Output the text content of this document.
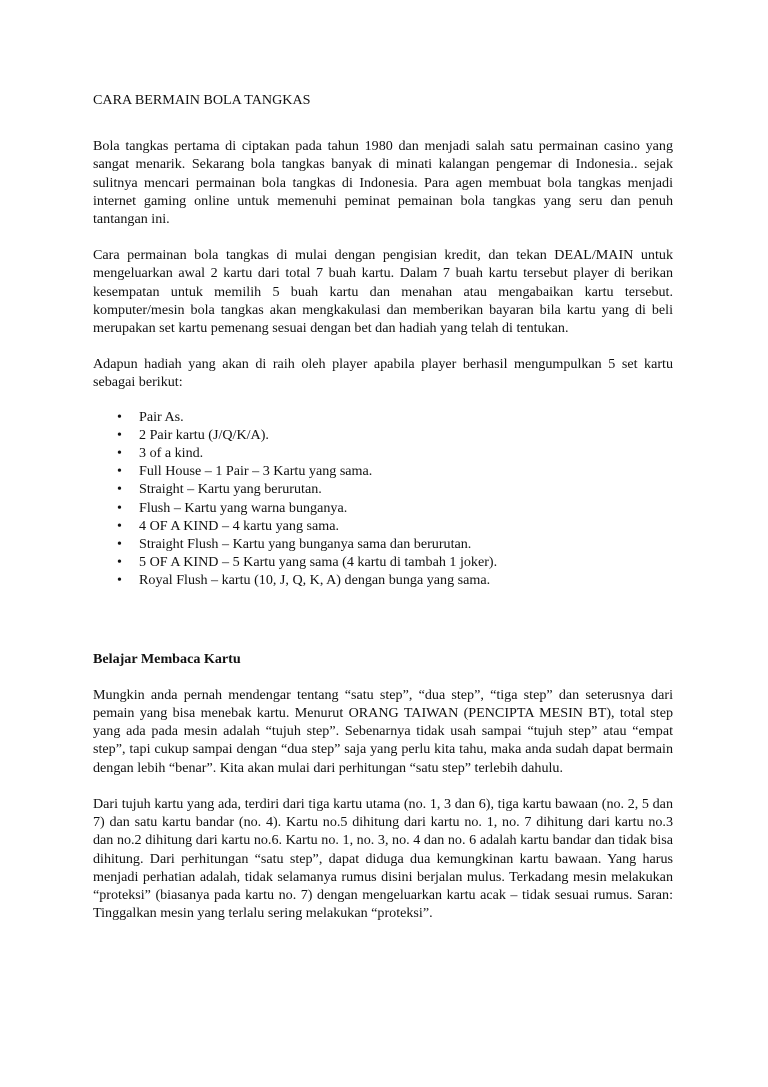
CARA BERMAIN BOLA TANGKAS

Bola tangkas pertama di ciptakan pada tahun 1980 dan menjadi salah satu permainan casino yang sangat menarik. Sekarang bola tangkas banyak di minati kalangan pengemar di Indonesia.. sejak sulitnya mencari permainan bola tangkas di Indonesia. Para agen membuat bola tangkas menjadi internet gaming online untuk memenuhi peminat pemainan bola tangkas yang seru dan penuh tantangan ini.

Cara permainan bola tangkas di mulai dengan pengisian kredit, dan tekan DEAL/MAIN untuk mengeluarkan awal 2 kartu dari total 7 buah kartu. Dalam 7 buah kartu tersebut player di berikan kesempatan untuk memilih 5 buah kartu dan menahan atau mengabaikan kartu tersebut. komputer/mesin bola tangkas akan mengkakulasi dan memberikan bayaran bila kartu yang di beli merupakan set kartu pemenang sesuai dengan bet dan hadiah yang telah di tentukan.

Adapun hadiah yang akan di raih oleh player apabila player berhasil mengumpulkan 5 set kartu sebagai berikut:

• Pair As.
• 2 Pair kartu (J/Q/K/A).
• 3 of a kind.
• Full House – 1 Pair – 3 Kartu yang sama.
• Straight – Kartu yang berurutan.
• Flush – Kartu yang warna bunganya.
• 4 OF A KIND – 4 kartu yang sama.
• Straight Flush – Kartu yang bunganya sama dan berurutan.
• 5 OF A KIND – 5 Kartu yang sama (4 kartu di tambah 1 joker).
• Royal Flush – kartu (10, J, Q, K, A) dengan bunga yang sama.
Belajar Membaca Kartu

Mungkin anda pernah mendengar tentang “satu step”, “dua step”, “tiga step” dan seterusnya dari pemain yang bisa menebak kartu. Menurut ORANG TAIWAN (PENCIPTA MESIN BT), total step yang ada pada mesin adalah “tujuh step”. Sebenarnya tidak usah sampai “tujuh step” atau “empat step”, tapi cukup sampai dengan “dua step” saja yang perlu kita tahu, maka anda sudah dapat bermain dengan lebih “benar”. Kita akan mulai dari perhitungan “satu step” terlebih dahulu.

Dari tujuh kartu yang ada, terdiri dari tiga kartu utama (no. 1, 3 dan 6), tiga kartu bawaan (no. 2, 5 dan 7) dan satu kartu bandar (no. 4). Kartu no.5 dihitung dari kartu no. 1, no. 7 dihitung dari kartu no.3 dan no.2 dihitung dari kartu no.6. Kartu no. 1, no. 3, no. 4 dan no. 6 adalah kartu bandar dan tidak bisa dihitung. Dari perhitungan “satu step”, dapat diduga dua kemungkinan kartu bawaan. Yang harus menjadi perhatian adalah, tidak selamanya rumus disini berjalan mulus. Terkadang mesin melakukan “proteksi” (biasanya pada kartu no. 7) dengan mengeluarkan kartu acak – tidak sesuai rumus. Saran: Tinggalkan mesin yang terlalu sering melakukan “proteksi”.
